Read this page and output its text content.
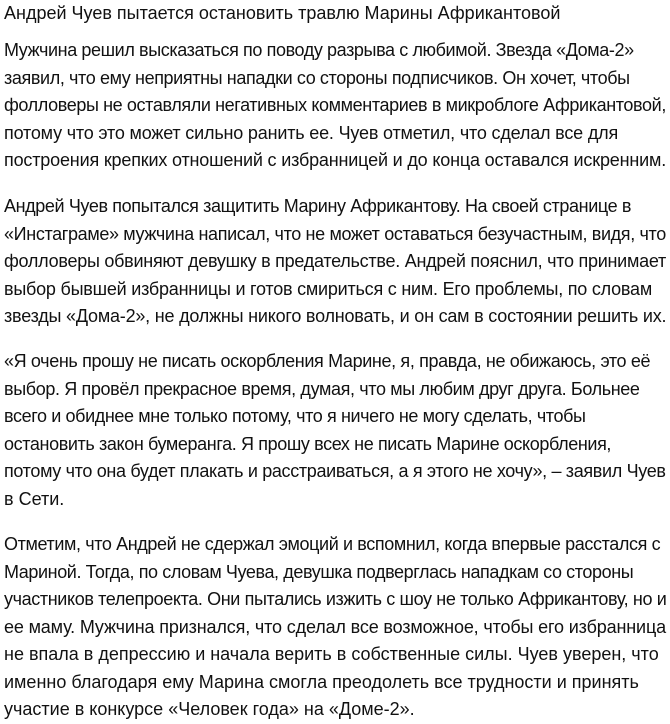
Андрей Чуев пытается остановить травлю Марины Африкантовой

Мужчина решил высказаться по поводу разрыва с любимой. Звезда «Дома-2»
заявил, что ему неприятны нападки со стороны подписчиков. Он хочет, чтобы
фолловеры не оставляли негативных комментариев в микроблоге Африкантовой,
потому что это может сильно ранить ее. Чуев отметил, что сделал все для
построения крепких отношений с избранницей и до конца оставался искренним.

Андрей Чуев попытался защитить Марину Африкантову. На своей странице в
«Инстаграме» мужчина написал, что не может оставаться безучастным, видя, что
фолловеры обвиняют девушку в предательстве. Андрей пояснил, что принимает
выбор бывшей избранницы и готов смириться с ним. Его проблемы, по словам
звезды «Дома-2», не должны никого волновать, и он сам в состоянии решить их.

«Я очень прошу не писать оскорбления Марине, я, правда, не обижаюсь, это её
выбор. Я провёл прекрасное время, думая, что мы любим друг друга. Больнее
всего и обиднее мне только потому, что я ничего не могу сделать, чтобы
остановить закон бумеранга. Я прошу всех не писать Марине оскорбления,
потому что она будет плакать и расстраиваться, а я этого не хочу», – заявил Чуев
в Сети.

Отметим, что Андрей не сдержал эмоций и вспомнил, когда впервые расстался с
Мариной. Тогда, по словам Чуева, девушка подверглась нападкам со стороны
участников телепроекта. Они пытались изжить с шоу не только Африкантову, но и
ее маму. Мужчина признался, что сделал все возможное, чтобы его избранница
не впала в депрессию и начала верить в собственные силы. Чуев уверен, что
именно благодаря ему Марина смогла преодолеть все трудности и принять
участие в конкурсе «Человек года» на «Доме-2».
